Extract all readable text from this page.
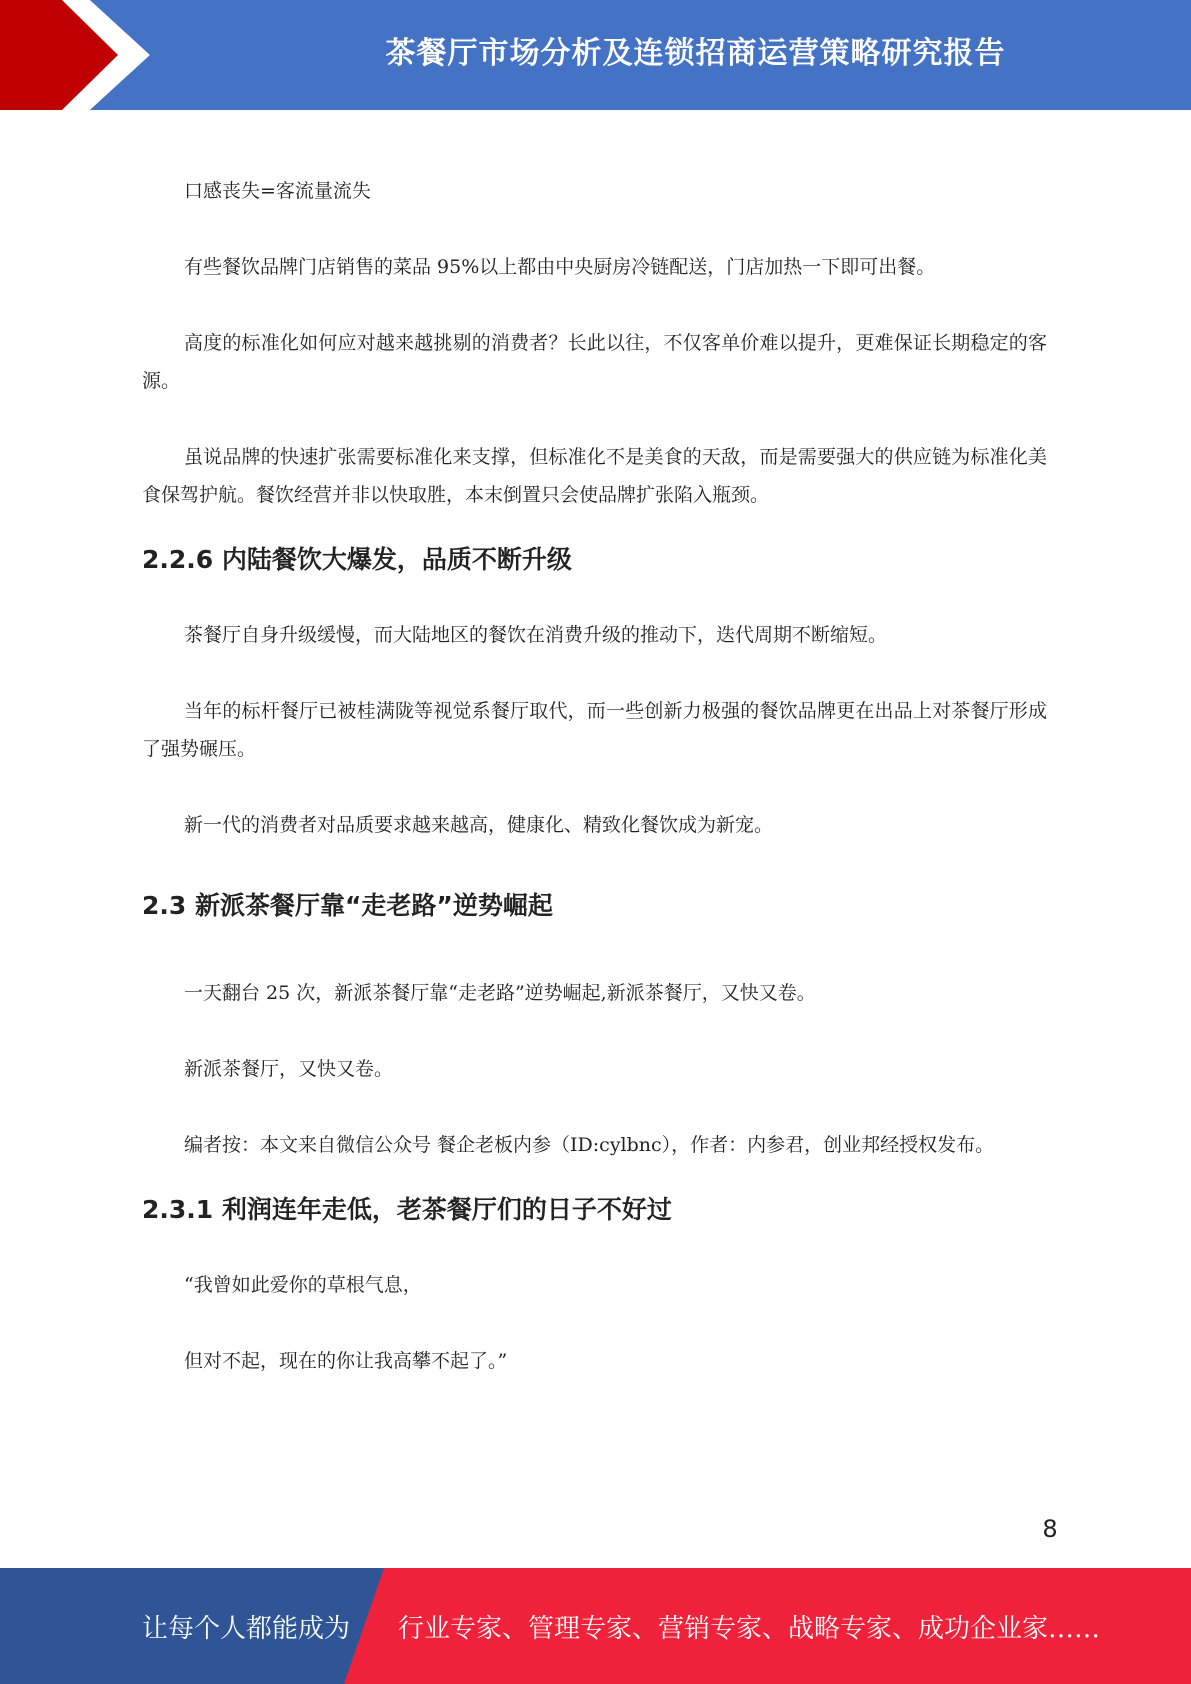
茶餐厅市场分析及连锁招商运营策略研究报告

口感丧失=客流量流失

有些餐饮品牌门店销售的菜品 95%以上都由中央厨房冷链配送，门店加热一下即可出餐。

高度的标准化如何应对越来越挑剔的消费者？长此以往，不仅客单价难以提升，更难保证长期稳定的客源。

虽说品牌的快速扩张需要标准化来支撑，但标准化不是美食的天敌，而是需要强大的供应链为标准化美食保驾护航。餐饮经营并非以快取胜，本末倒置只会使品牌扩张陷入瓶颈。

2.2.6 内陆餐饮大爆发，品质不断升级

茶餐厅自身升级缓慢，而大陆地区的餐饮在消费升级的推动下，迭代周期不断缩短。

当年的标杆餐厅已被桂满陇等视觉系餐厅取代，而一些创新力极强的餐饮品牌更在出品上对茶餐厅形成了强势碾压。

新一代的消费者对品质要求越来越高，健康化、精致化餐饮成为新宠。

2.3 新派茶餐厅靠“走老路”逆势崛起

一天翻台 25 次，新派茶餐厅靠“走老路”逆势崛起,新派茶餐厅，又快又卷。

新派茶餐厅，又快又卷。

编者按：本文来自微信公众号 餐企老板内参（ID:cylbnc），作者：内参君，创业邦经授权发布。

2.3.1 利润连年走低，老茶餐厅们的日子不好过

“我曾如此爱你的草根气息，

但对不起，现在的你让我高攀不起了。”

8
让每个人都能成为 行业专家、管理专家、营销专家、战略专家、成功企业家……
